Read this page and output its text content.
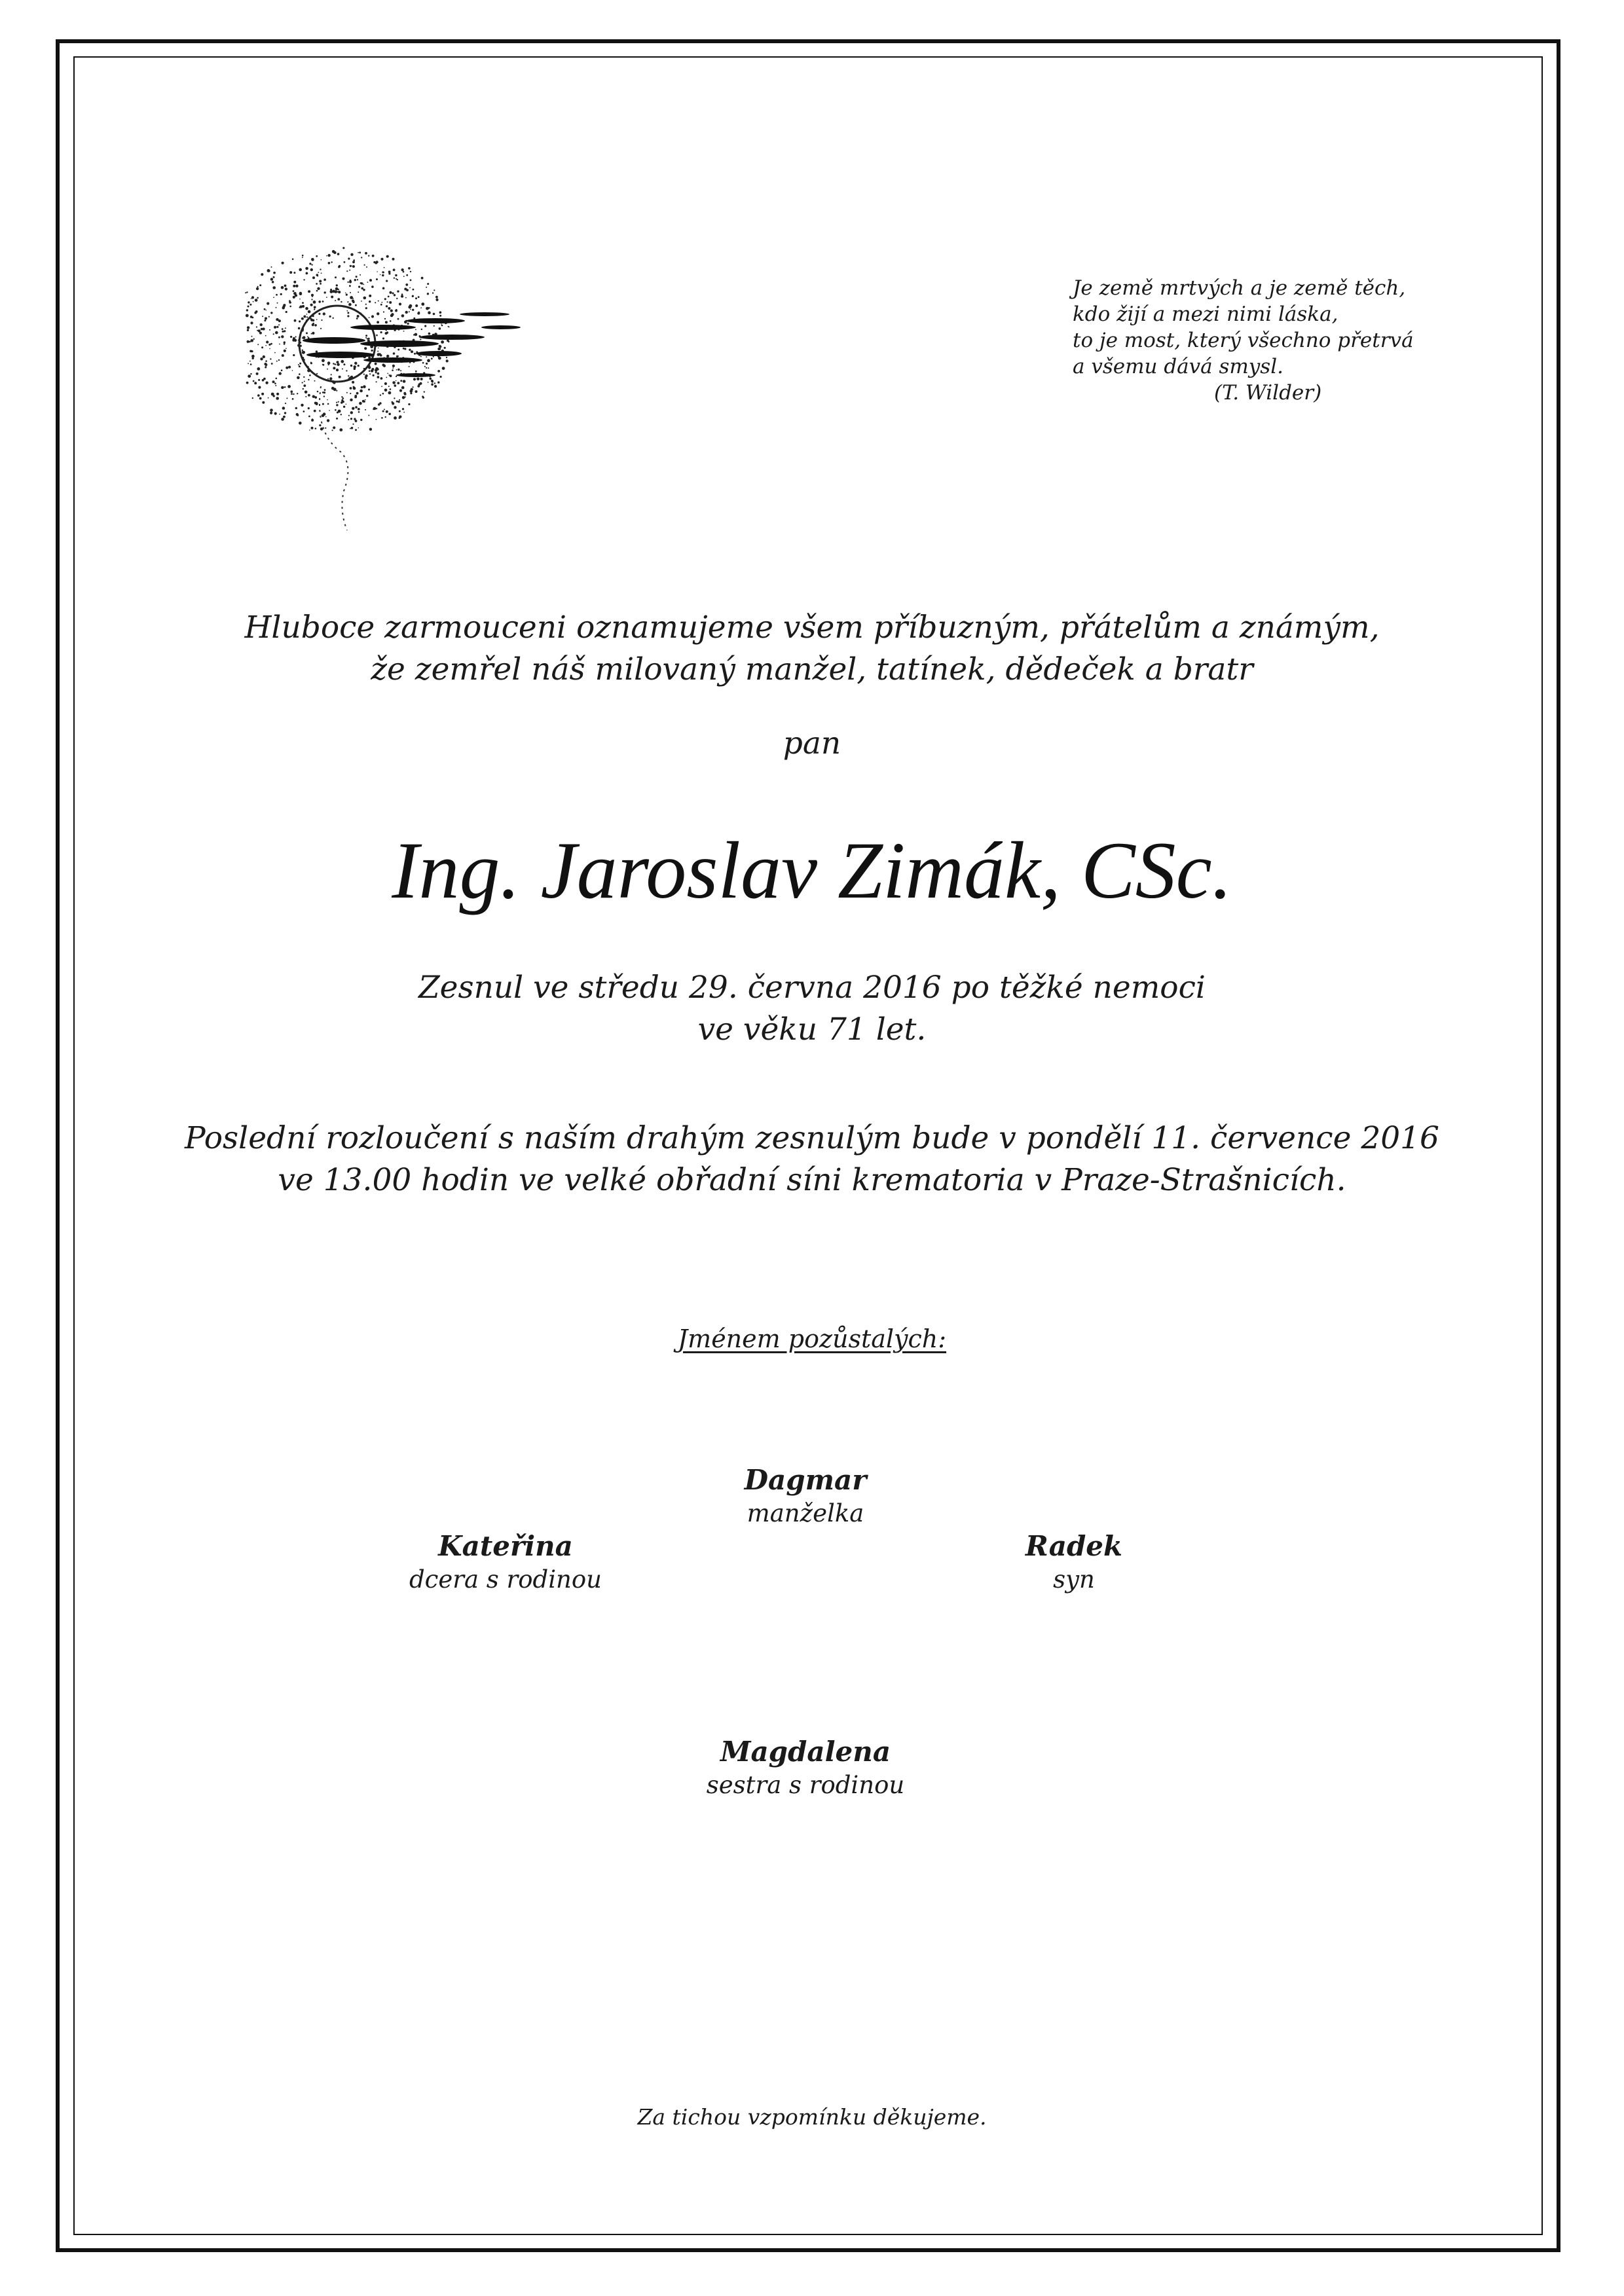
Je země mrtvých a je země těch,
kdo žijí a mezi nimi láska,
to je most, který všechno přetrvá
a všemu dává smysl.
(T. Wilder)
Hluboce zarmouceni oznamujeme všem příbuzným, přátelům a známým,
že zemřel náš milovaný manžel, tatínek, dědeček a bratr
pan
Ing. Jaroslav Zimák, CSc.
Zesnul ve středu 29. června 2016 po těžké nemoci
ve věku 71 let.
Poslední rozloučení s naším drahým zesnulým bude v pondělí 11. července 2016
ve 13.00 hodin ve velké obřadní síni krematoria v Praze-Strašnicích.
Jménem pozůstalých:
Dagmar
manželka
Kateřina
dcera s rodinou
Radek
syn
Magdalena
sestra s rodinou
Za tichou vzpomínku děkujeme.
